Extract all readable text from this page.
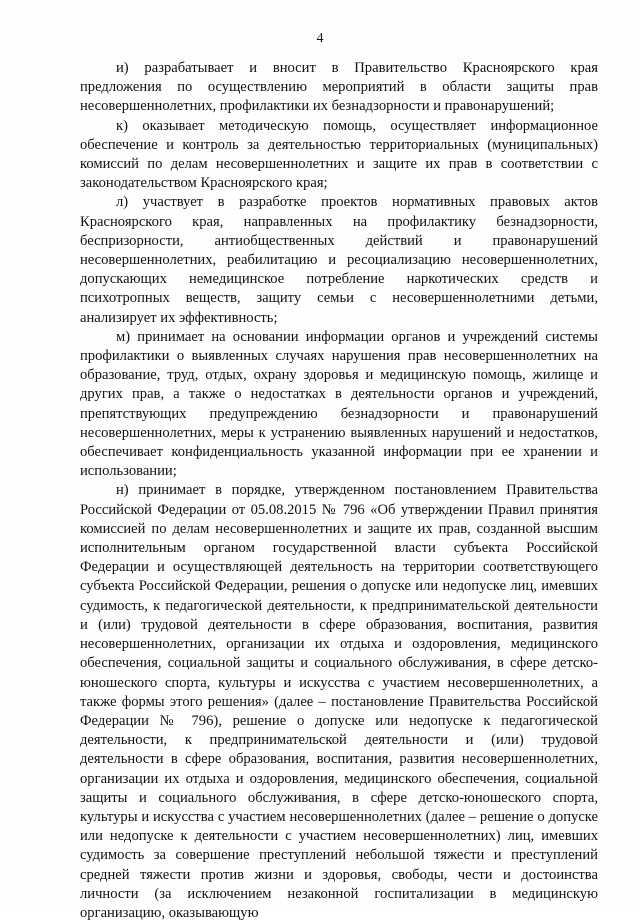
4

и) разрабатывает и вносит в Правительство Красноярского края предложения по осуществлению мероприятий в области защиты прав несовершеннолетних, профилактики их безнадзорности и правонарушений;

к) оказывает методическую помощь, осуществляет информационное обеспечение и контроль за деятельностью территориальных (муниципальных) комиссий по делам несовершеннолетних и защите их прав в соответствии с законодательством Красноярского края;

л) участвует в разработке проектов нормативных правовых актов Красноярского края, направленных на профилактику безнадзорности, беспризорности, антиобщественных действий и правонарушений несовершеннолетних, реабилитацию и ресоциализацию несовершеннолетних, допускающих немедицинское потребление наркотических средств и психотропных веществ, защиту семьи с несовершеннолетними детьми, анализирует их эффективность;

м) принимает на основании информации органов и учреждений системы профилактики о выявленных случаях нарушения прав несовершеннолетних на образование, труд, отдых, охрану здоровья и медицинскую помощь, жилище и других прав, а также о недостатках в деятельности органов и учреждений, препятствующих предупреждению безнадзорности и правонарушений несовершеннолетних, меры к устранению выявленных нарушений и недостатков, обеспечивает конфиденциальность указанной информации при ее хранении и использовании;

н) принимает в порядке, утвержденном постановлением Правительства Российской Федерации от 05.08.2015 № 796 «Об утверждении Правил принятия комиссией по делам несовершеннолетних и защите их прав, созданной высшим исполнительным органом государственной власти субъекта Российской Федерации и осуществляющей деятельность на территории соответствующего субъекта Российской Федерации, решения о допуске или недопуске лиц, имевших судимость, к педагогической деятельности, к предпринимательской деятельности и (или) трудовой деятельности в сфере образования, воспитания, развития несовершеннолетних, организации их отдыха и оздоровления, медицинского обеспечения, социальной защиты и социального обслуживания, в сфере детско-юношеского спорта, культуры и искусства с участием несовершеннолетних, а также формы этого решения» (далее – постановление Правительства Российской Федерации № 796), решение о допуске или недопуске к педагогической деятельности, к предпринимательской деятельности и (или) трудовой деятельности в сфере образования, воспитания, развития несовершеннолетних, организации их отдыха и оздоровления, медицинского обеспечения, социальной защиты и социального обслуживания, в сфере детско-юношеского спорта, культуры и искусства с участием несовершеннолетних (далее – решение о допуске или недопуске к деятельности с участием несовершеннолетних) лиц, имевших судимость за совершение преступлений небольшой тяжести и преступлений средней тяжести против жизни и здоровья, свободы, чести и достоинства личности (за исключением незаконной госпитализации в медицинскую организацию, оказывающую
